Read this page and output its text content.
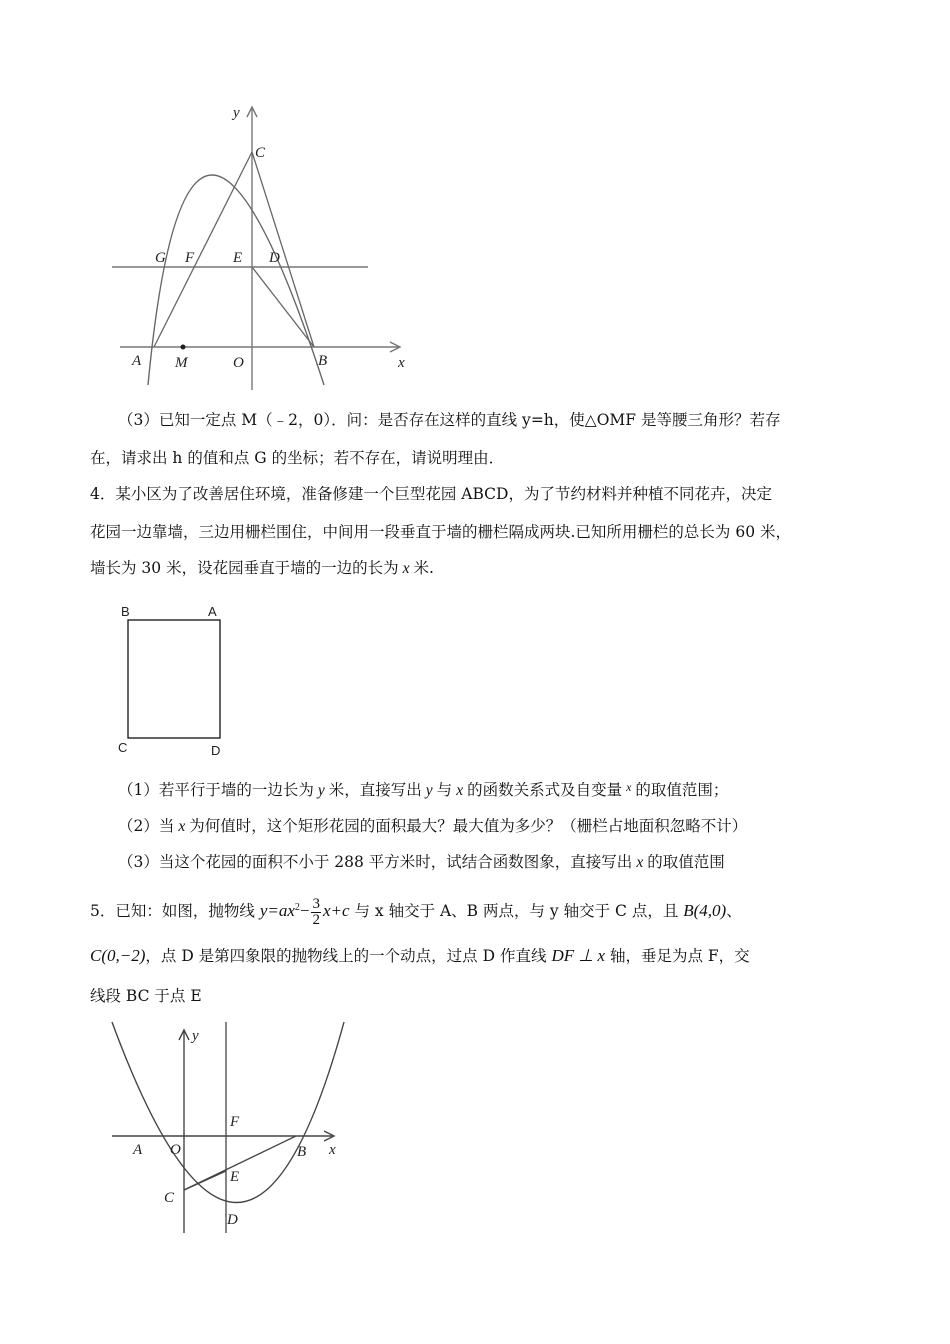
y
x
C
G F	E D
A M	O	B

（3）已知一定点 M（﹣2，0）．问：是否存在这样的直线 y=h，使△OMF 是等腰三角形？若存

在，请求出 h 的值和点 G 的坐标；若不存在，请说明理由．

4．某小区为了改善居住环境，准备修建一个巨型花园 ABCD，为了节约材料并种植不同花卉，决定

花园一边靠墙，三边用栅栏围住，中间用一段垂直于墙的栅栏隔成两块.已知所用栅栏的总长为 60 米，

墙长为 30 米，设花园垂直于墙的一边的长为 x 米.

B	A
C	D

（1）若平行于墙的一边长为 y 米，直接写出 y 与 x 的函数关系式及自变量 $^x$ 的取值范围；

（2）当 x 为何值时，这个矩形花园的面积最大？最大值为多少？（栅栏占地面积忽略不计）

（3）当这个花园的面积不小于 288 平方米时，试结合函数图象，直接写出 x 的取值范围

5．已知：如图，抛物线 $y=ax^2- \frac{3}{2} x+c$ 与 x 轴交于 A、B 两点，与 y 轴交于 C 点，且 B(4,0)、

C(0,−2)，点 D 是第四象限的抛物线上的一个动点，过点 D 作直线 DF ⊥ x 轴，垂足为点 F，交

线段 BC 于点 E

y
x
F
A O	B
E
C
D
